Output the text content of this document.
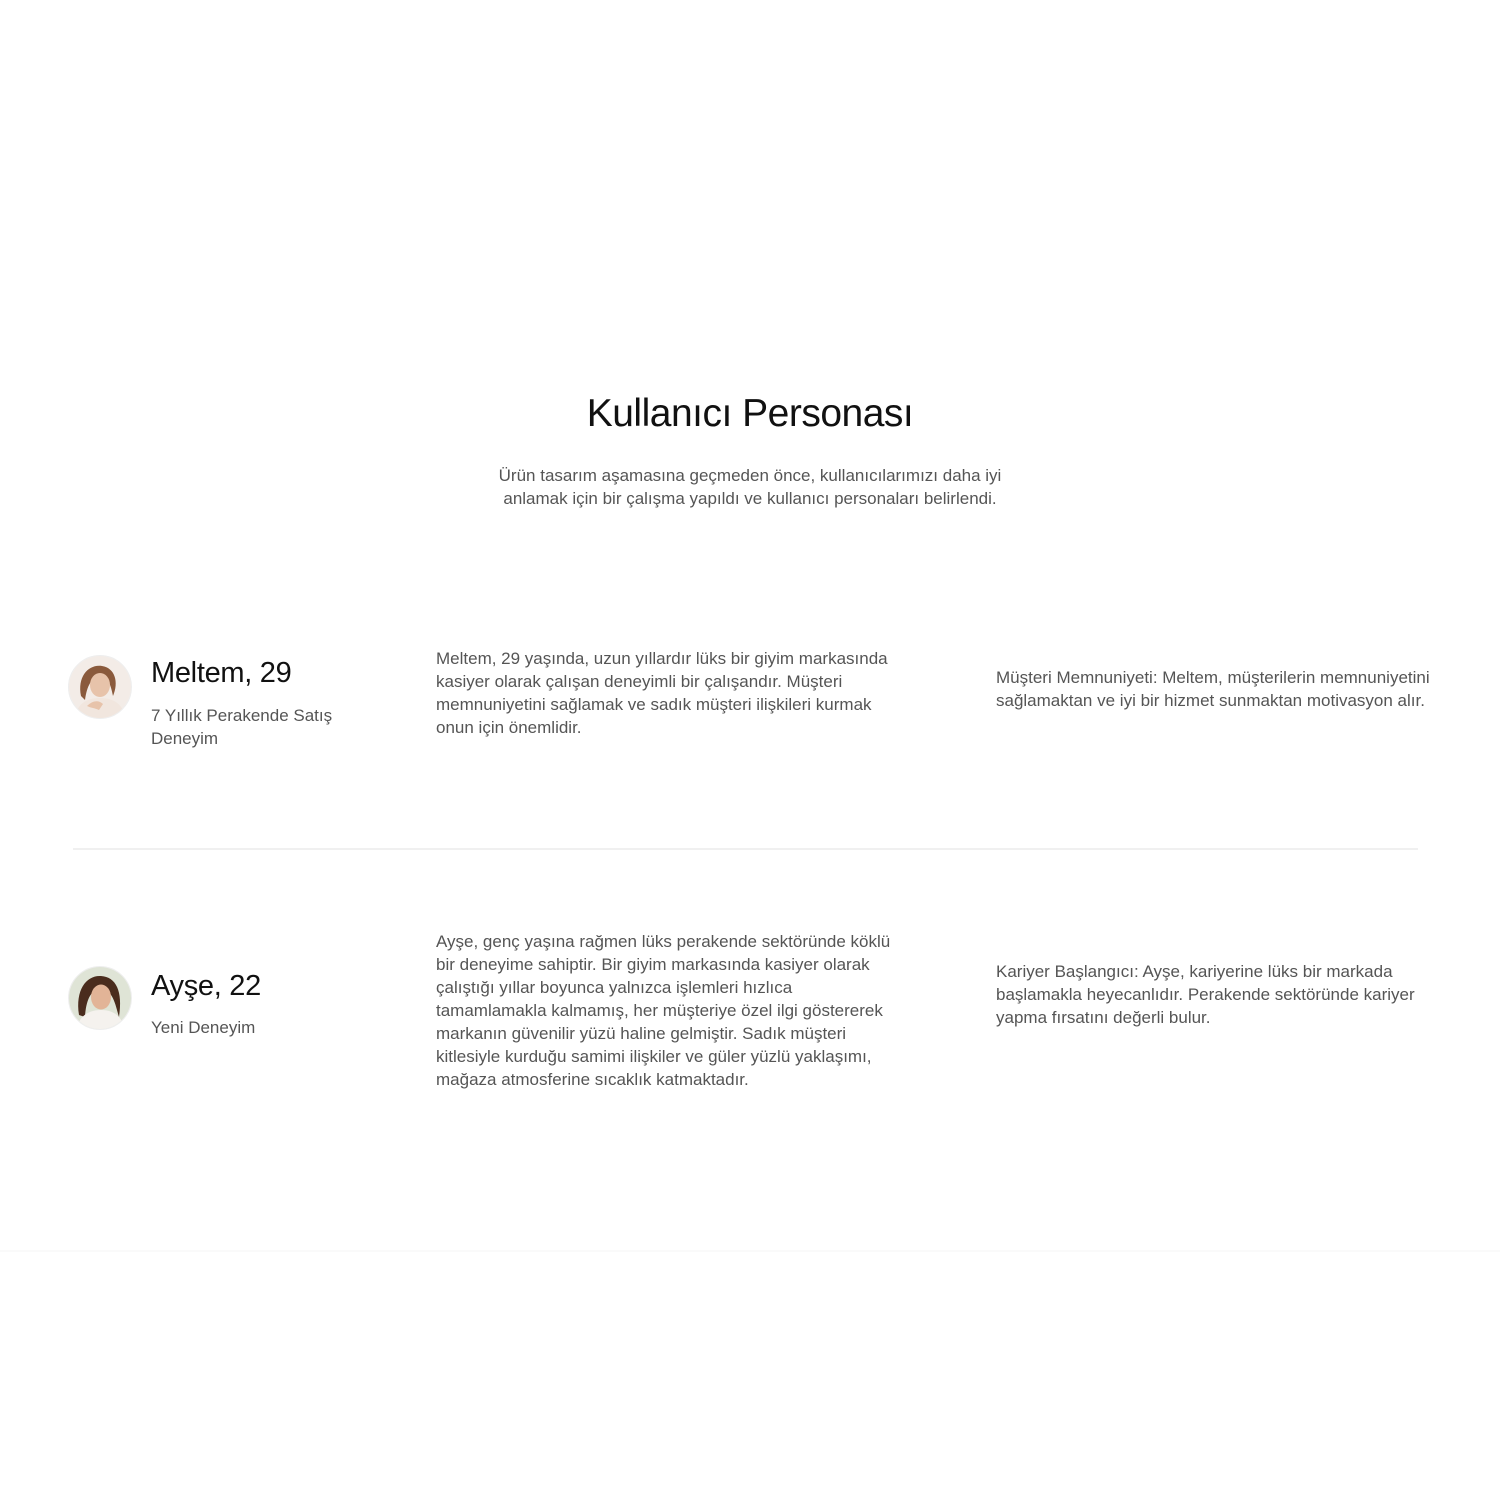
Kullanıcı Personası

Ürün tasarım aşamasına geçmeden önce, kullanıcılarımızı daha iyi anlamak için bir çalışma yapıldı ve kullanıcı personaları belirlendi.

Meltem, 29

7 Yıllık Perakende Satış Deneyim

Meltem, 29 yaşında, uzun yıllardır lüks bir giyim markasında kasiyer olarak çalışan deneyimli bir çalışandır. Müşteri memnuniyetini sağlamak ve sadık müşteri ilişkileri kurmak onun için önemlidir.

Müşteri Memnuniyeti: Meltem, müşterilerin memnuniyetini sağlamaktan ve iyi bir hizmet sunmaktan motivasyon alır.

Ayşe, 22

Yeni Deneyim

Ayşe, genç yaşına rağmen lüks perakende sektöründe köklü bir deneyime sahiptir. Bir giyim markasında kasiyer olarak çalıştığı yıllar boyunca yalnızca işlemleri hızlıca tamamlamakla kalmamış, her müşteriye özel ilgi göstererek markanın güvenilir yüzü haline gelmiştir. Sadık müşteri kitlesiyle kurduğu samimi ilişkiler ve güler yüzlü yaklaşımı, mağaza atmosferine sıcaklık katmaktadır.

Kariyer Başlangıcı: Ayşe, kariyerine lüks bir markada başlamakla heyecanlıdır. Perakende sektöründe kariyer yapma fırsatını değerli bulur.
